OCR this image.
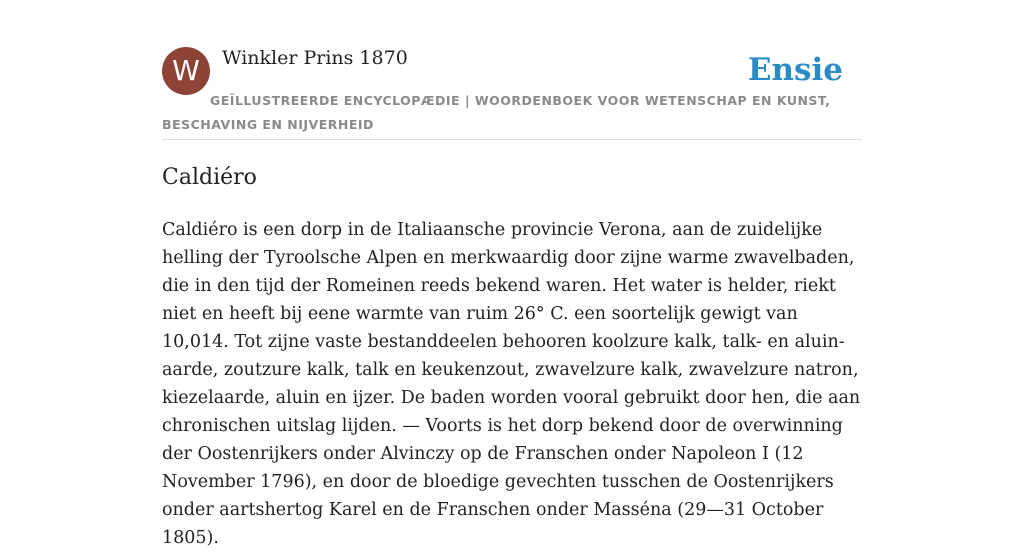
W	Winkler Prins 1870
GEÏLLUSTREERDE ENCYCLOPÆDIE | WOORDENBOEK VOOR WETENSCHAP EN KUNST, BESCHAVING EN NIJVERHEID
Ensie
Caldiéro

Caldiéro is een dorp in de Italiaansche provincie Verona, aan de zuidelijke helling der Tyroolsche Alpen en merkwaardig door zijne warme zwavelbaden, die in den tijd der Romeinen reeds bekend waren. Het water is helder, riekt niet en heeft bij eene warmte van ruim 26° C. een soortelijk gewigt van 10,014. Tot zijne vaste bestanddeelen behooren koolzure kalk, talk- en aluin-aarde, zoutzure kalk, talk en keukenzout, zwavelzure kalk, zwavelzure natron, kiezelaarde, aluin en ijzer. De baden worden vooral gebruikt door hen, die aan chronischen uitslag lijden. — Voorts is het dorp bekend door de overwinning der Oostenrijkers onder Alvinczy op de Franschen onder Napoleon I (12 November 1796), en door de bloedige gevechten tusschen de Oostenrijkers onder aartshertog Karel en de Franschen onder Masséna (29—31 October 1805).
